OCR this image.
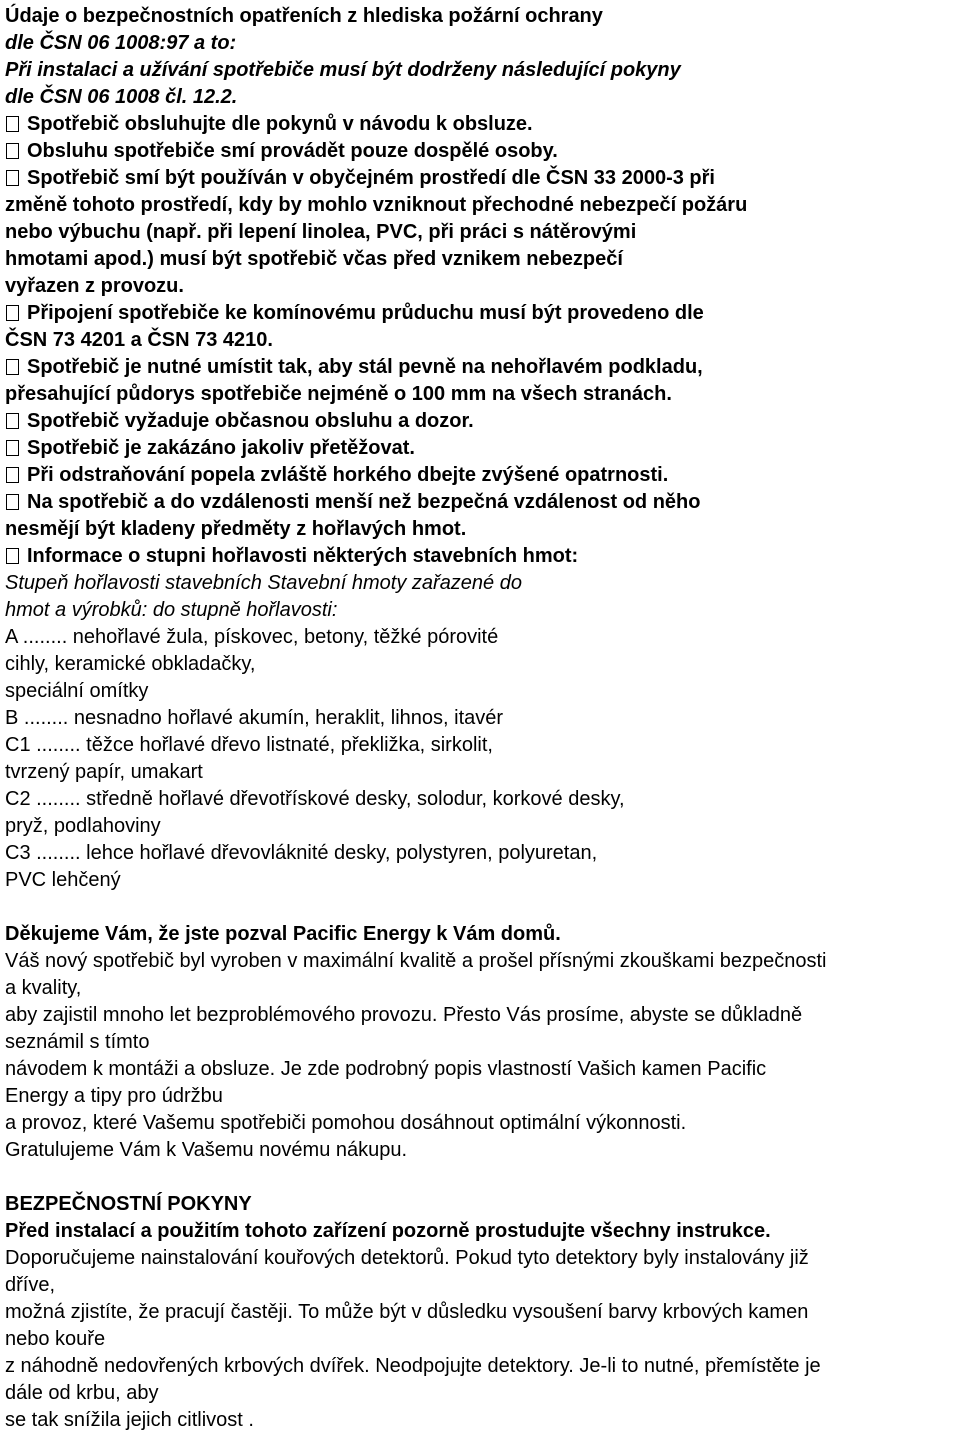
Údaje o bezpečnostních opatřeních z hlediska požární ochrany
dle ČSN 06 1008:97 a to:
Při instalaci a užívání spotřebiče musí být dodrženy následující pokyny
dle ČSN 06 1008 čl. 12.2.
Spotřebič obsluhujte dle pokynů v návodu k obsluze.
Obsluhu spotřebiče smí provádět pouze dospělé osoby.
Spotřebič smí být používán v obyčejném prostředí dle ČSN 33 2000-3 při
změně tohoto prostředí, kdy by mohlo vzniknout přechodné nebezpečí požáru
nebo výbuchu (např. při lepení linolea, PVC, při práci s nátěrovými
hmotami apod.) musí být spotřebič včas před vznikem nebezpečí
vyřazen z provozu.
Připojení spotřebiče ke komínovému průduchu musí být provedeno dle
ČSN 73 4201 a ČSN 73 4210.
Spotřebič je nutné umístit tak, aby stál pevně na nehořlavém podkladu,
přesahující půdorys spotřebiče nejméně o 100 mm na všech stranách.
Spotřebič vyžaduje občasnou obsluhu a dozor.
Spotřebič je zakázáno jakoliv přetěžovat.
Při odstraňování popela zvláště horkého dbejte zvýšené opatrnosti.
Na spotřebič a do vzdálenosti menší než bezpečná vzdálenost od něho
nesmějí být kladeny předměty z hořlavých hmot.
Informace o stupni hořlavosti některých stavebních hmot:
Stupeň hořlavosti stavebních Stavební hmoty zařazené do
hmot a výrobků: do stupně hořlavosti:
A ........ nehořlavé žula, pískovec, betony, těžké pórovité
cihly, keramické obkladačky,
speciální omítky
B ........ nesnadno hořlavé akumín, heraklit, lihnos, itavér
C1 ........ těžce hořlavé dřevo listnaté, překližka, sirkolit,
tvrzený papír, umakart
C2 ........ středně hořlavé dřevotřískové desky, solodur, korkové desky,
pryž, podlahoviny
C3 ........ lehce hořlavé dřevovláknité desky, polystyren, polyuretan,
PVC lehčený
Děkujeme Vám, že jste pozval Pacific Energy k Vám domů.
Váš nový spotřebič byl vyroben v maximální kvalitě a prošel přísnými zkouškami bezpečnosti
a kvality,
aby zajistil mnoho let bezproblémového provozu. Přesto Vás prosíme, abyste se důkladně
seznámil s tímto
návodem k montáži a obsluze. Je zde podrobný popis vlastností Vašich kamen Pacific
Energy a tipy pro údržbu
a provoz, které Vašemu spotřebiči pomohou dosáhnout optimální výkonnosti.
Gratulujeme Vám k Vašemu novému nákupu.
BEZPEČNOSTNÍ POKYNY
Před instalací a použitím tohoto zařízení pozorně prostudujte všechny instrukce.
Doporučujeme nainstalování kouřových detektorů. Pokud tyto detektory byly instalovány již
dříve,
možná zjistíte, že pracují častěji. To může být v důsledku vysoušení barvy krbových kamen
nebo kouře
z náhodně nedovřených krbových dvířek. Neodpojujte detektory. Je-li to nutné, přemístěte je
dále od krbu, aby
se tak snížila jejich citlivost .
